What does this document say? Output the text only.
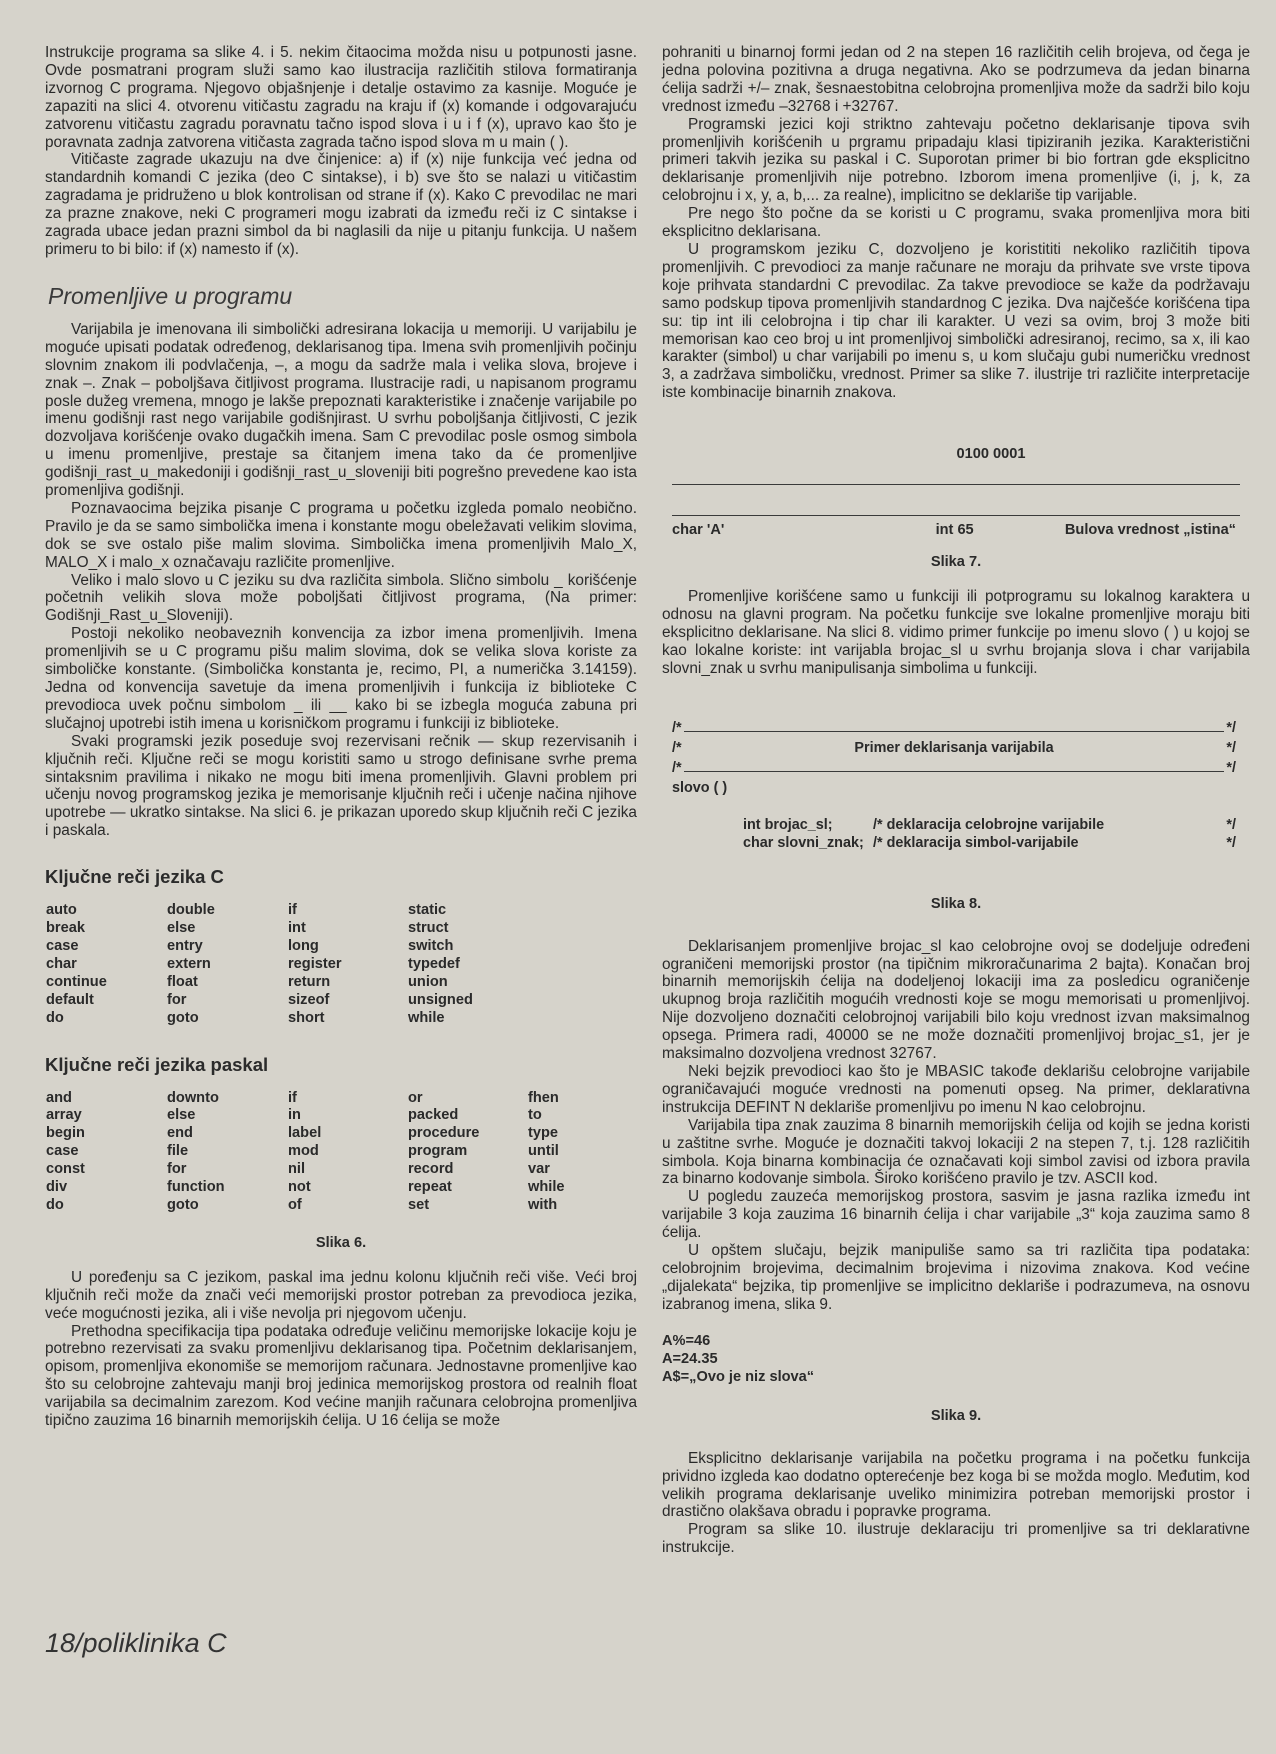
Instrukcije programa sa slike 4. i 5. nekim čitaocima možda nisu u potpunosti jasne. Ovde posmatrani program služi samo kao ilustracija različitih stilova formatiranja izvornog C programa. Njegovo objašnjenje i detalje ostavimo za kasnije. Moguće je zapaziti na slici 4. otvorenu vitičastu zagradu na kraju if (x) komande i odgovarajuću zatvorenu vitičastu zagradu poravnatu tačno ispod slova i u i f (x), upravo kao što je poravnata zadnja zatvorena vitičasta zagrada tačno ispod slova m u main ( ).

Vitičaste zagrade ukazuju na dve činjenice: a) if (x) nije funkcija već jedna od standardnih komandi C jezika (deo C sintakse), i b) sve što se nalazi u vitičastim zagradama je pridruženo u blok kontrolisan od strane if (x). Kako C prevodilac ne mari za prazne znakove, neki C programeri mogu izabrati da između reči iz C sintakse i zagrada ubace jedan prazni simbol da bi naglasili da nije u pitanju funkcija. U našem primeru to bi bilo: if (x) namesto if (x).

Promenljive u programu

Varijabila je imenovana ili simbolički adresirana lokacija u memoriji. U varijabilu je moguće upisati podatak određenog, deklarisanog tipa. Imena svih promenljivih počinju slovnim znakom ili podvlačenja, –, a mogu da sadrže mala i velika slova, brojeve i znak –. Znak – poboljšava čitljivost programa. Ilustracije radi, u napisanom programu posle dužeg vremena, mnogo je lakše prepoznati karakteristike i značenje varijabile po imenu godišnji rast nego varijabile godišnjirast. U svrhu poboljšanja čitljivosti, C jezik dozvoljava korišćenje ovako dugačkih imena. Sam C prevodilac posle osmog simbola u imenu promenljive, prestaje sa čitanjem imena tako da će promenljive godišnji_rast_u_makedoniji i godišnji_rast_u_sloveniji biti pogrešno prevedene kao ista promenljiva godišnji.

Poznavaocima bejzika pisanje C programa u početku izgleda pomalo neobično. Pravilo je da se samo simbolička imena i konstante mogu obeležavati velikim slovima, dok se sve ostalo piše malim slovima. Simbolička imena promenljivih Malo_X, MALO_X i malo_x označavaju različite promenljive.

Veliko i malo slovo u C jeziku su dva različita simbola. Slično simbolu _ korišćenje početnih velikih slova može poboljšati čitljivost programa, (Na primer: Godišnji_Rast_u_Sloveniji).

Postoji nekoliko neobaveznih konvencija za izbor imena promenljivih. Imena promenljivih se u C programu pišu malim slovima, dok se velika slova koriste za simboličke konstante. (Simbolička konstanta je, recimo, PI, a numerička 3.14159). Jedna od konvencija savetuje da imena promenljivih i funkcija iz biblioteke C prevodioca uvek počnu simbolom _ ili __ kako bi se izbegla moguća zabuna pri slučajnoj upotrebi istih imena u korisničkom programu i funkciji iz biblioteke.

Svaki programski jezik poseduje svoj rezervisani rečnik — skup rezervisanih i ključnih reči. Ključne reči se mogu koristiti samo u strogo definisane svrhe prema sintaksnim pravilima i nikako ne mogu biti imena promenljivih. Glavni problem pri učenju novog programskog jezika je memorisanje ključnih reči i učenje načina njihove upotrebe — ukratko sintakse. Na slici 6. je prikazan uporedo skup ključnih reči C jezika i paskala.

Ključne reči jezika C
auto	double	if	static
break	else	int	struct
case	entry	long	switch
char	extern	register	typedef
continue	float	return	union
default	for	sizeof	unsigned
do	goto	short	while
Ključne reči jezika paskal
and	downto	if	or	fhen
array	else	in	packed	to
begin	end	label	procedure	type
case	file	mod	program	until
const	for	nil	record	var
div	function	not	repeat	while
do	goto	of	set	with
Slika 6.

U poređenju sa C jezikom, paskal ima jednu kolonu ključnih reči više. Veći broj ključnih reči može da znači veći memorijski prostor potreban za prevodioca jezika, veće mogućnosti jezika, ali i više nevolja pri njegovom učenju.

Prethodna specifikacija tipa podataka određuje veličinu memorijske lokacije koju je potrebno rezervisati za svaku promenljivu deklarisanog tipa. Početnim deklarisanjem, opisom, promenljiva ekonomiše se memorijom računara. Jednostavne promenljive kao što su celobrojne zahtevaju manji broj jedinica memorijskog prostora od realnih float varijabila sa decimalnim zarezom. Kod većine manjih računara celobrojna promenljiva tipično zauzima 16 binarnih memorijskih ćelija. U 16 ćelija se može

pohraniti u binarnoj formi jedan od 2 na stepen 16 različitih celih brojeva, od čega je jedna polovina pozitivna a druga negativna. Ako se podrzumeva da jedan binarna ćelija sadrži +/– znak, šesnaestobitna celobrojna promenljiva može da sadrži bilo koju vrednost između –32768 i +32767.

Programski jezici koji striktno zahtevaju početno deklarisanje tipova svih promenljivih korišćenih u prgramu pripadaju klasi tipiziranih jezika. Karakteristični primeri takvih jezika su paskal i C. Suporotan primer bi bio fortran gde eksplicitno deklarisanje promenljivih nije potrebno. Izborom imena promenljive (i, j, k, za celobrojnu i x, y, a, b,... za realne), implicitno se deklariše tip varijable.

Pre nego što počne da se koristi u C programu, svaka promenljiva mora biti eksplicitno deklarisana.

U programskom jeziku C, dozvoljeno je koristititi nekoliko različitih tipova promenljivih. C prevodioci za manje računare ne moraju da prihvate sve vrste tipova koje prihvata standardni C prevodilac. Za takve prevodioce se kaže da podržavaju samo podskup tipova promenljivih standardnog C jezika. Dva najčešće korišćena tipa su: tip int ili celobrojna i tip char ili karakter. U vezi sa ovim, broj 3 može biti memorisan kao ceo broj u int promenljivoj simbolički adresiranoj, recimo, sa x, ili kao karakter (simbol) u char varijabili po imenu s, u kom slučaju gubi numeričku vrednost 3, a zadržava simboličku, vrednost. Primer sa slike 7. ilustrije tri različite interpretacije iste kombinacije binarnih znakova.

0100 0001
char 'A'	int 65	Bulova vrednost „istina“
Slika 7.

Promenljive korišćene samo u funkciji ili potprogramu su lokalnog karaktera u odnosu na glavni program. Na početku funkcije sve lokalne promenljive moraju biti eksplicitno deklarisane. Na slici 8. vidimo primer funkcije po imenu slovo ( ) u kojoj se kao lokalne koriste: int varijabla brojac_sl u svrhu brojanja slova i char varijabila slovni_znak u svrhu manipulisanja simbolima u funkciji.

/*	*/
/*	Primer deklarisanja varijabila	*/
/*	*/
slovo ( )
int brojac_sl;	/* deklaracija celobrojne varijabile	*/
char slovni_znak; /* deklaracija simbol-varijabile	*/
Slika 8.

Deklarisanjem promenljive brojac_sl kao celobrojne ovoj se dodeljuje određeni ograničeni memorijski prostor (na tipičnim mikroračunarima 2 bajta). Konačan broj binarnih memorijskih ćelija na dodeljenoj lokaciji ima za posledicu ograničenje ukupnog broja različitih mogućih vrednosti koje se mogu memorisati u promenljivoj. Nije dozvoljeno doznačiti celobrojnoj varijabili bilo koju vrednost izvan maksimalnog opsega. Primera radi, 40000 se ne može doznačiti promenljivoj brojac_s1, jer je maksimalno dozvoljena vrednost 32767.

Neki bejzik prevodioci kao što je MBASIC takođe deklarišu celobrojne varijabile ograničavajući moguće vrednosti na pomenuti opseg. Na primer, deklarativna instrukcija DEFINT N deklariše promenljivu po imenu N kao celobrojnu.

Varijabila tipa znak zauzima 8 binarnih memorijskih ćelija od kojih se jedna koristi u zaštitne svrhe. Moguće je doznačiti takvoj lokaciji 2 na stepen 7, t.j. 128 različitih simbola. Koja binarna kombinacija će označavati koji simbol zavisi od izbora pravila za binarno kodovanje simbola. Široko korišćeno pravilo je tzv. ASCII kod.

U pogledu zauzeća memorijskog prostora, sasvim je jasna razlika između int varijabile 3 koja zauzima 16 binarnih ćelija i char varijabile „3“ koja zauzima samo 8 ćelija.

U opštem slučaju, bejzik manipuliše samo sa tri različita tipa podataka: celobrojnim brojevima, decimalnim brojevima i nizovima znakova. Kod većine „dijalekata“ bejzika, tip promenljive se implicitno deklariše i podrazumeva, na osnovu izabranog imena, slika 9.

A%=46
A=24.35
A$=„Ovo je niz slova“
Slika 9.

Eksplicitno deklarisanje varijabila na početku programa i na početku funkcija prividno izgleda kao dodatno opterećenje bez koga bi se možda moglo. Međutim, kod velikih programa deklarisanje uveliko minimizira potreban memorijski prostor i drastično olakšava obradu i popravke programa.

Program sa slike 10. ilustruje deklaraciju tri promenljive sa tri deklarativne instrukcije.

18/poliklinika C
